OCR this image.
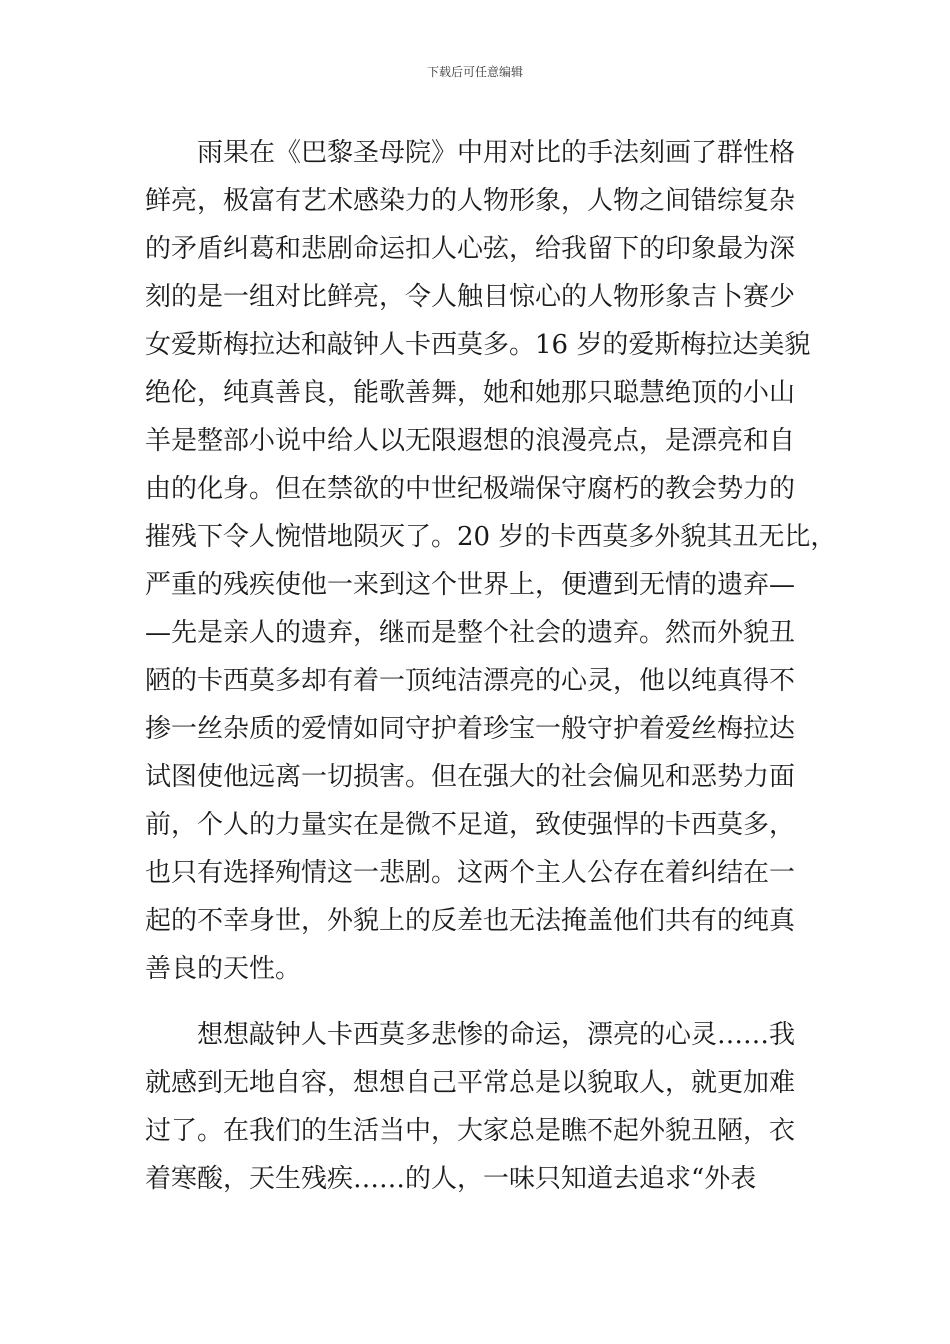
下载后可任意编辑
雨果在《巴黎圣母院》中用对比的手法刻画了群性格
鲜亮，极富有艺术感染力的人物形象，人物之间错综复杂
的矛盾纠葛和悲剧命运扣人心弦，给我留下的印象最为深
刻的是一组对比鲜亮，令人触目惊心的人物形象吉卜赛少
女爱斯梅拉达和敲钟人卡西莫多。16 岁的爱斯梅拉达美貌
绝伦，纯真善良，能歌善舞，她和她那只聪慧绝顶的小山
羊是整部小说中给人以无限遐想的浪漫亮点，是漂亮和自
由的化身。但在禁欲的中世纪极端保守腐朽的教会势力的
摧残下令人惋惜地陨灭了。20 岁的卡西莫多外貌其丑无比，
严重的残疾使他一来到这个世界上，便遭到无情的遗弃—
—先是亲人的遗弃，继而是整个社会的遗弃。然而外貌丑
陋的卡西莫多却有着一顶纯洁漂亮的心灵，他以纯真得不
掺一丝杂质的爱情如同守护着珍宝一般守护着爱丝梅拉达
试图使他远离一切损害。但在强大的社会偏见和恶势力面
前，个人的力量实在是微不足道，致使强悍的卡西莫多，
也只有选择殉情这一悲剧。这两个主人公存在着纠结在一
起的不幸身世，外貌上的反差也无法掩盖他们共有的纯真
善良的天性。
想想敲钟人卡西莫多悲惨的命运，漂亮的心灵……我
就感到无地自容，想想自己平常总是以貌取人，就更加难
过了。在我们的生活当中，大家总是瞧不起外貌丑陋，衣
着寒酸，天生残疾……的人，一味只知道去追求“外表
